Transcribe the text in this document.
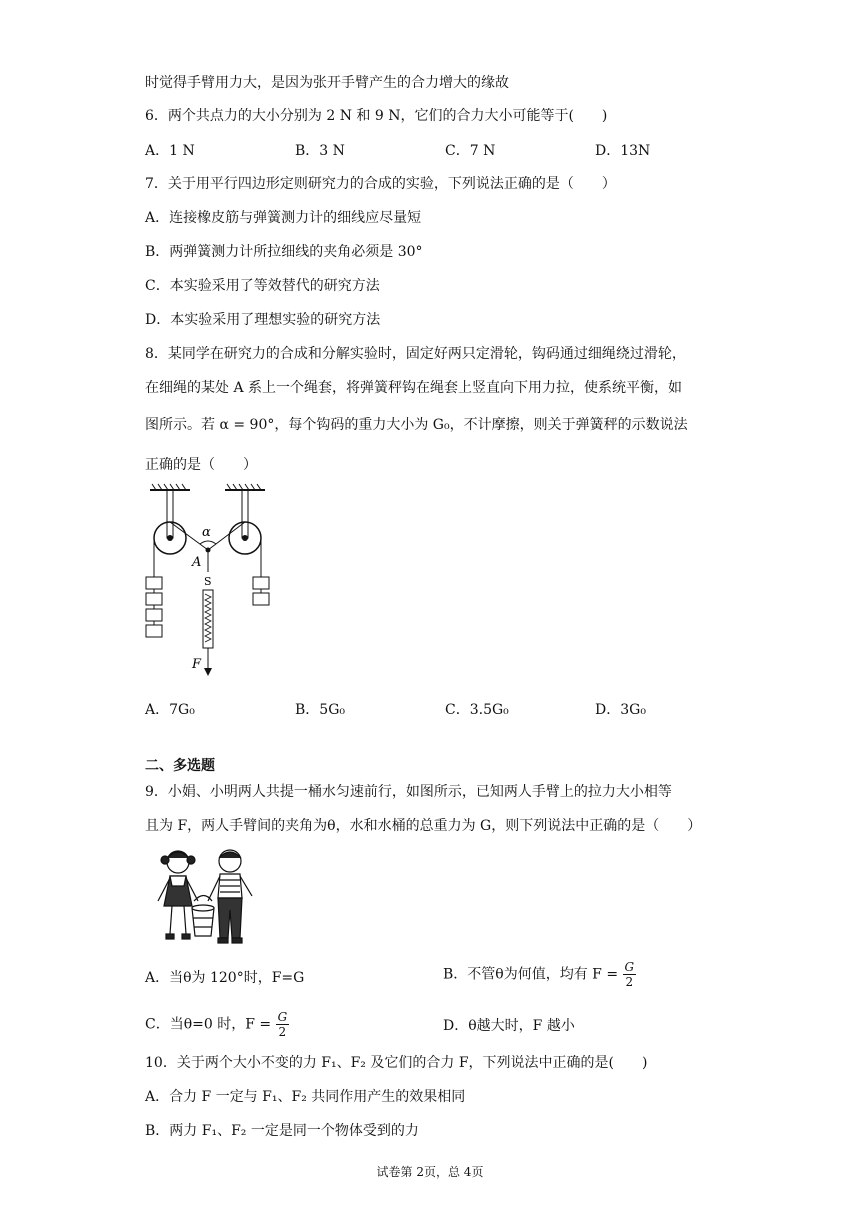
时觉得手臂用力大，是因为张开手臂产生的合力增大的缘故
6．两个共点力的大小分别为 2 N 和 9 N，它们的合力大小可能等于(　　)
A．1 N	B．3 N	C．7 N	D．13N
7．关于用平行四边形定则研究力的合成的实验，下列说法正确的是（　　）
A．连接橡皮筋与弹簧测力计的细线应尽量短
B．两弹簧测力计所拉细线的夹角必须是 30°
C．本实验采用了等效替代的研究方法
D．本实验采用了理想实验的研究方法
8．某同学在研究力的合成和分解实验时，固定好两只定滑轮，钩码通过细绳绕过滑轮，
在细绳的某处 A 系上一个绳套，将弹簧秤钩在绳套上竖直向下用力拉，使系统平衡，如
图所示。若 α = 90°，每个钩码的重力大小为 G₀，不计摩擦，则关于弹簧秤的示数说法
正确的是（　　）
α
A
S
F
A．7G₀	B．5G₀	C．3.5G₀	D．3G₀
二、多选题
9．小娟、小明两人共提一桶水匀速前行，如图所示，已知两人手臂上的拉力大小相等
且为 F，两人手臂间的夹角为θ，水和水桶的总重力为 G，则下列说法中正确的是（　　）
A．当θ为 120°时，F=G	B．不管θ为何值，均有 $F = \frac{G}{2}$
C．当θ=0 时，$F = \frac{G}{2}$	D．θ越大时，F 越小
10．关于两个大小不变的力 F₁、F₂ 及它们的合力 F，下列说法中正确的是(　　)
A．合力 F 一定与 F₁、F₂ 共同作用产生的效果相同
B．两力 F₁、F₂ 一定是同一个物体受到的力
试卷第 2页，总 4页
